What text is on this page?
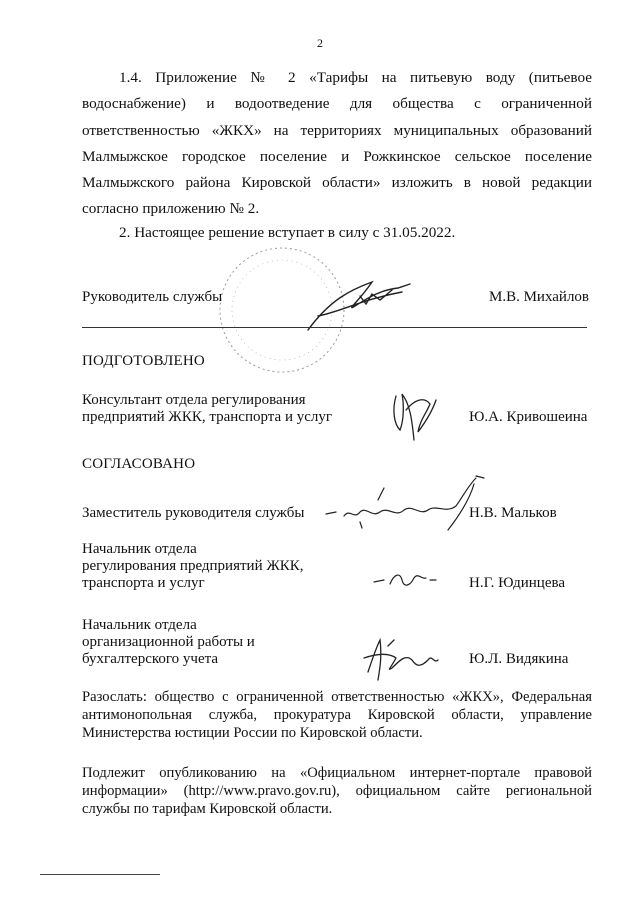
2
1.4. Приложение № 2 «Тарифы на питьевую воду (питьевое водоснабжение) и водоотведение для общества с ограниченной ответственностью «ЖКХ» на территориях муниципальных образований Малмыжское городское поселение и Рожкинское сельское поселение Малмыжского района Кировской области» изложить в новой редакции согласно приложению № 2.
2. Настоящее решение вступает в силу с 31.05.2022.
Руководитель службы	М.В. Михайлов
ПОДГОТОВЛЕНО
Консультант отдела регулирования
предприятий ЖКК, транспорта и услуг	Ю.А. Кривошеина
СОГЛАСОВАНО
Заместитель руководителя службы	Н.В. Мальков
Начальник отдела
регулирования предприятий ЖКК,
транспорта и услуг	Н.Г. Юдинцева
Начальник отдела
организационной работы и
бухгалтерского учета	Ю.Л. Видякина
Разослать: общество с ограниченной ответственностью «ЖКХ», Федеральная антимонопольная служба, прокуратура Кировской области, управление Министерства юстиции России по Кировской области.
Подлежит опубликованию на «Официальном интернет-портале правовой информации» (http://www.pravo.gov.ru), официальном сайте региональной службы по тарифам Кировской области.
